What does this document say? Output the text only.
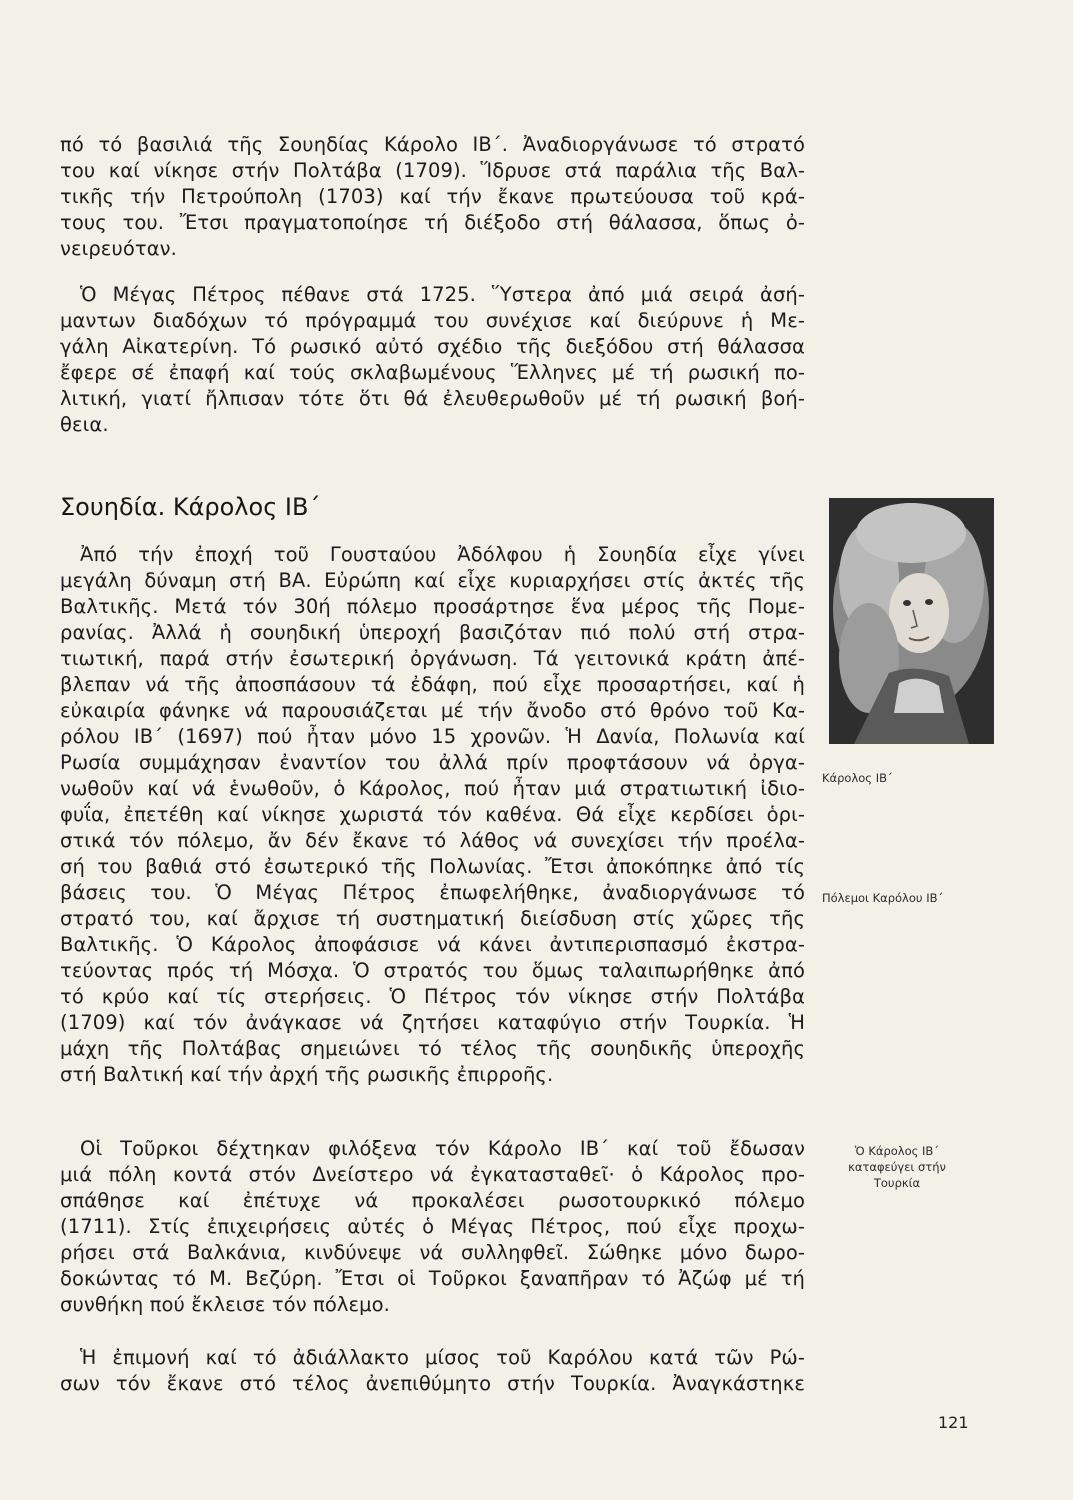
πό τό βασιλιά τῆς Σουηδίας Κάρολο ΙΒ΄. Ἀναδιοργάνωσε τό στρατό
του καί νίκησε στήν Πολτάβα (1709). Ἵδρυσε στά παράλια τῆς Βαλ-
τικῆς τήν Πετρούπολη (1703) καί τήν ἔκανε πρωτεύουσα τοῦ κρά-
τους του. Ἔτσι πραγματοποίησε τή διέξοδο στή θάλασσα, ὅπως ὀ-
νειρευόταν.

Ὁ Μέγας Πέτρος πέθανε στά 1725. Ὕστερα ἀπό μιά σειρά ἀσή-
μαντων διαδόχων τό πρόγραμμά του συνέχισε καί διεύρυνε ἡ Με-
γάλη Αἰκατερίνη. Τό ρωσικό αὐτό σχέδιο τῆς διεξόδου στή θάλασσα
ἔφερε σέ ἐπαφή καί τούς σκλαβωμένους Ἕλληνες μέ τή ρωσική πο-
λιτική, γιατί ἤλπισαν τότε ὅτι θά ἐλευθερωθοῦν μέ τή ρωσική βοή-
θεια.

Σουηδία. Κάρολος ΙΒ΄

Ἀπό τήν ἐποχή τοῦ Γουσταύου Ἀδόλφου ἡ Σουηδία εἶχε γίνει
μεγάλη δύναμη στή ΒΑ. Εὐρώπη καί εἶχε κυριαρχήσει στίς ἀκτές τῆς
Βαλτικῆς. Μετά τόν 30ή πόλεμο προσάρτησε ἕνα μέρος τῆς Πομε-
ρανίας. Ἀλλά ἡ σουηδική ὑπεροχή βασιζόταν πιό πολύ στή στρα-
τιωτική, παρά στήν ἐσωτερική ὀργάνωση. Τά γειτονικά κράτη ἀπέ-
βλεπαν νά τῆς ἀποσπάσουν τά ἐδάφη, πού εἶχε προσαρτήσει, καί ἡ
εὐκαιρία φάνηκε νά παρουσιάζεται μέ τήν ἄνοδο στό θρόνο τοῦ Κα-
ρόλου ΙΒ΄ (1697) πού ἦταν μόνο 15 χρονῶν. Ἡ Δανία, Πολωνία καί
Ρωσία συμμάχησαν ἐναντίον του ἀλλά πρίν προφτάσουν νά ὀργα-
νωθοῦν καί νά ἑνωθοῦν, ὁ Κάρολος, πού ἦταν μιά στρατιωτική ἰδιο-
φυΐα, ἐπετέθη καί νίκησε χωριστά τόν καθένα. Θά εἶχε κερδίσει ὁρι-
στικά τόν πόλεμο, ἄν δέν ἔκανε τό λάθος νά συνεχίσει τήν προέλα-
σή του βαθιά στό ἐσωτερικό τῆς Πολωνίας. Ἔτσι ἀποκόπηκε ἀπό τίς
βάσεις του. Ὁ Μέγας Πέτρος ἐπωφελήθηκε, ἀναδιοργάνωσε τό
στρατό του, καί ἄρχισε τή συστηματική διείσδυση στίς χῶρες τῆς
Βαλτικῆς. Ὁ Κάρολος ἀποφάσισε νά κάνει ἀντιπερισπασμό ἐκστρα-
τεύοντας πρός τή Μόσχα. Ὁ στρατός του ὅμως ταλαιπωρήθηκε ἀπό
τό κρύο καί τίς στερήσεις. Ὁ Πέτρος τόν νίκησε στήν Πολτάβα
(1709) καί τόν ἀνάγκασε νά ζητήσει καταφύγιο στήν Τουρκία. Ἡ
μάχη τῆς Πολτάβας σημειώνει τό τέλος τῆς σουηδικῆς ὑπεροχῆς
στή Βαλτική καί τήν ἀρχή τῆς ρωσικῆς ἐπιρροῆς.

Οἱ Τοῦρκοι δέχτηκαν φιλόξενα τόν Κάρολο ΙΒ΄ καί τοῦ ἔδωσαν
μιά πόλη κοντά στόν Δνείστερο νά ἐγκατασταθεῖ· ὁ Κάρολος προ-
σπάθησε καί ἐπέτυχε νά προκαλέσει ρωσοτουρκικό πόλεμο
(1711). Στίς ἐπιχειρήσεις αὐτές ὁ Μέγας Πέτρος, πού εἶχε προχω-
ρήσει στά Βαλκάνια, κινδύνεψε νά συλληφθεῖ. Σώθηκε μόνο δωρο-
δοκώντας τό Μ. Βεζύρη. Ἔτσι οἱ Τοῦρκοι ξαναπῆραν τό Ἀζώφ μέ τή
συνθήκη πού ἔκλεισε τόν πόλεμο.

Ἡ ἐπιμονή καί τό ἀδιάλλακτο μίσος τοῦ Καρόλου κατά τῶν Ρώ-
σων τόν ἔκανε στό τέλος ἀνεπιθύμητο στήν Τουρκία. Ἀναγκάστηκε

Κάρολος ΙΒ΄
Πόλεμοι Καρόλου ΙΒ΄
Ὁ Κάρολος ΙΒ΄
καταφεύγει στήν
Τουρκία
121
